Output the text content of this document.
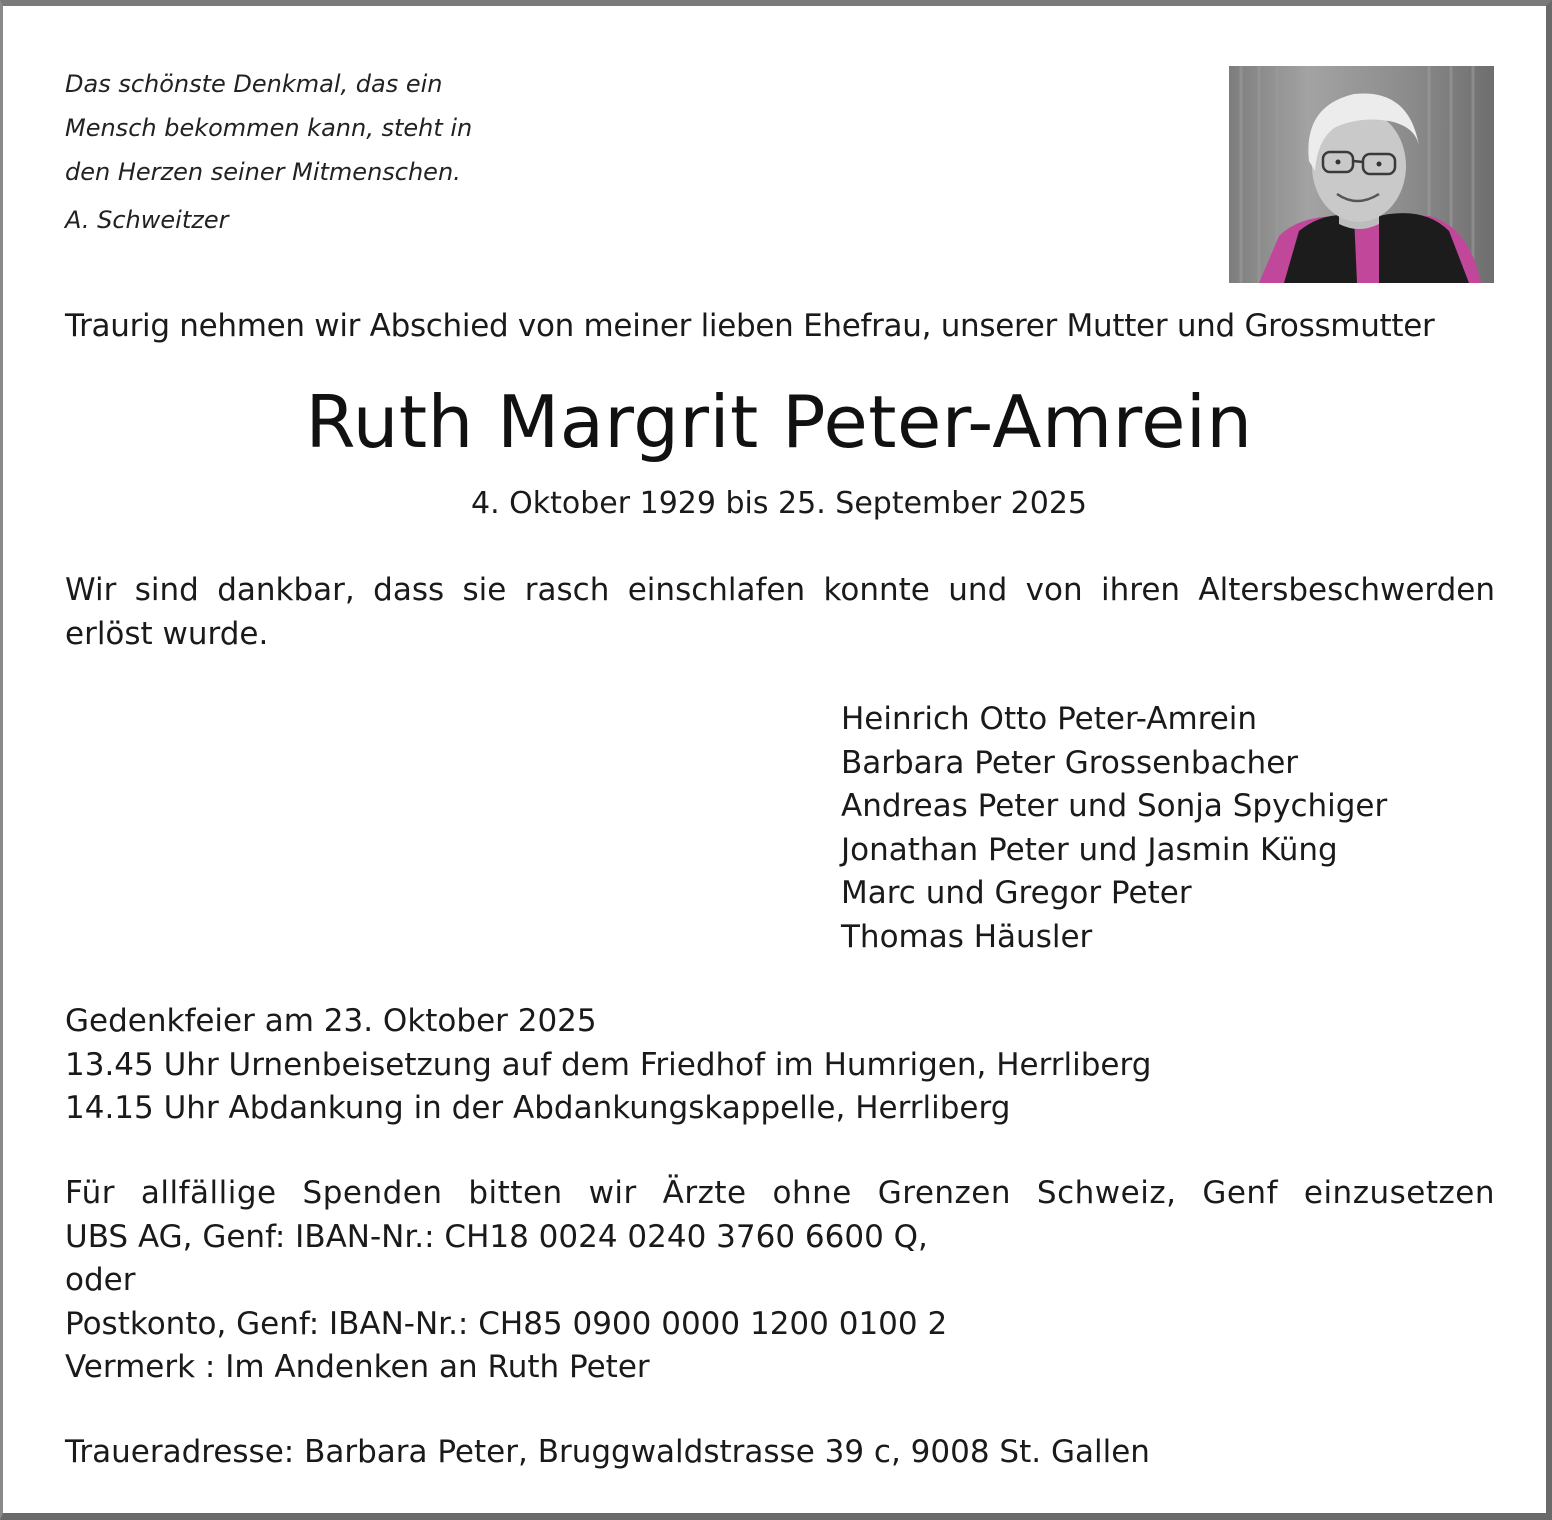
Das schönste Denkmal, das ein
Mensch bekommen kann, steht in
den Herzen seiner Mitmenschen.
A. Schweitzer
Traurig nehmen wir Abschied von meiner lieben Ehefrau, unserer Mutter und Grossmutter
Ruth Margrit Peter-Amrein
4. Oktober 1929 bis 25. September 2025
Wir sind dankbar, dass sie rasch einschlafen konnte und von ihren Altersbeschwerden erlöst wurde.
Heinrich Otto Peter-Amrein
Barbara Peter Grossenbacher
Andreas Peter und Sonja Spychiger
Jonathan Peter und Jasmin Küng
Marc und Gregor Peter
Thomas Häusler
Gedenkfeier am 23. Oktober 2025
13.45 Uhr Urnenbeisetzung auf dem Friedhof im Humrigen, Herrliberg
14.15 Uhr Abdankung in der Abdankungskappelle, Herrliberg
Für allfällige Spenden bitten wir Ärzte ohne Grenzen Schweiz, Genf einzusetzen
UBS AG, Genf: IBAN-Nr.: CH18 0024 0240 3760 6600 Q,
oder
Postkonto, Genf: IBAN-Nr.: CH85 0900 0000 1200 0100 2
Vermerk : Im Andenken an Ruth Peter
Traueradresse: Barbara Peter, Bruggwaldstrasse 39 c, 9008 St. Gallen
